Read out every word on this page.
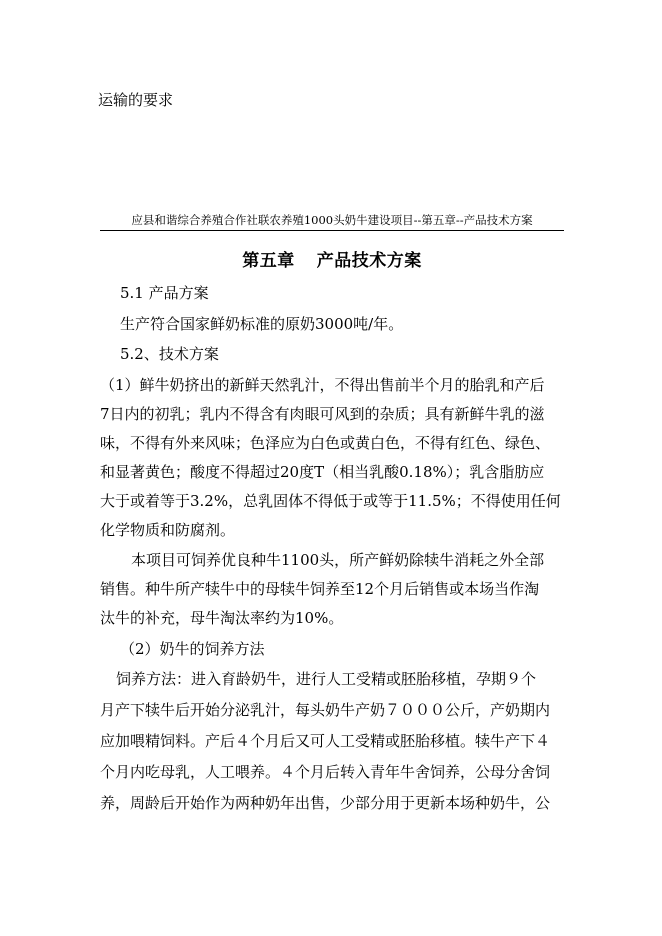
运输的要求
应县和谐综合养殖合作社联农养殖1000头奶牛建设项目--第五章--产品技术方案
第五章 产品技术方案
5.1 产品方案
生产符合国家鲜奶标准的原奶3000吨/年。
5.2、技术方案
（1）鲜牛奶挤出的新鲜天然乳汁，不得出售前半个月的胎乳和产后
7日内的初乳；乳内不得含有肉眼可风到的杂质；具有新鲜牛乳的滋
味，不得有外来风味；色泽应为白色或黄白色，不得有红色、绿色、
和显著黄色；酸度不得超过20度T（相当乳酸0.18%）；乳含脂肪应
大于或着等于3.2%，总乳固体不得低于或等于11.5%；不得使用任何
化学物质和防腐剂。
本项目可饲养优良种牛1100头，所产鲜奶除犊牛消耗之外全部
销售。种牛所产犊牛中的母犊牛饲养至12个月后销售或本场当作淘
汰牛的补充，母牛淘汰率约为10%。
（2）奶牛的饲养方法
饲养方法：进入育龄奶牛，进行人工受精或胚胎移植，孕期９个
月产下犊牛后开始分泌乳汁，每头奶牛产奶７０００公斤，产奶期内
应加喂精饲料。产后４个月后又可人工受精或胚胎移植。犊牛产下４
个月内吃母乳，人工喂养。４个月后转入青年牛舍饲养，公母分舍饲
养，周龄后开始作为两种奶年出售，少部分用于更新本场种奶牛，公
